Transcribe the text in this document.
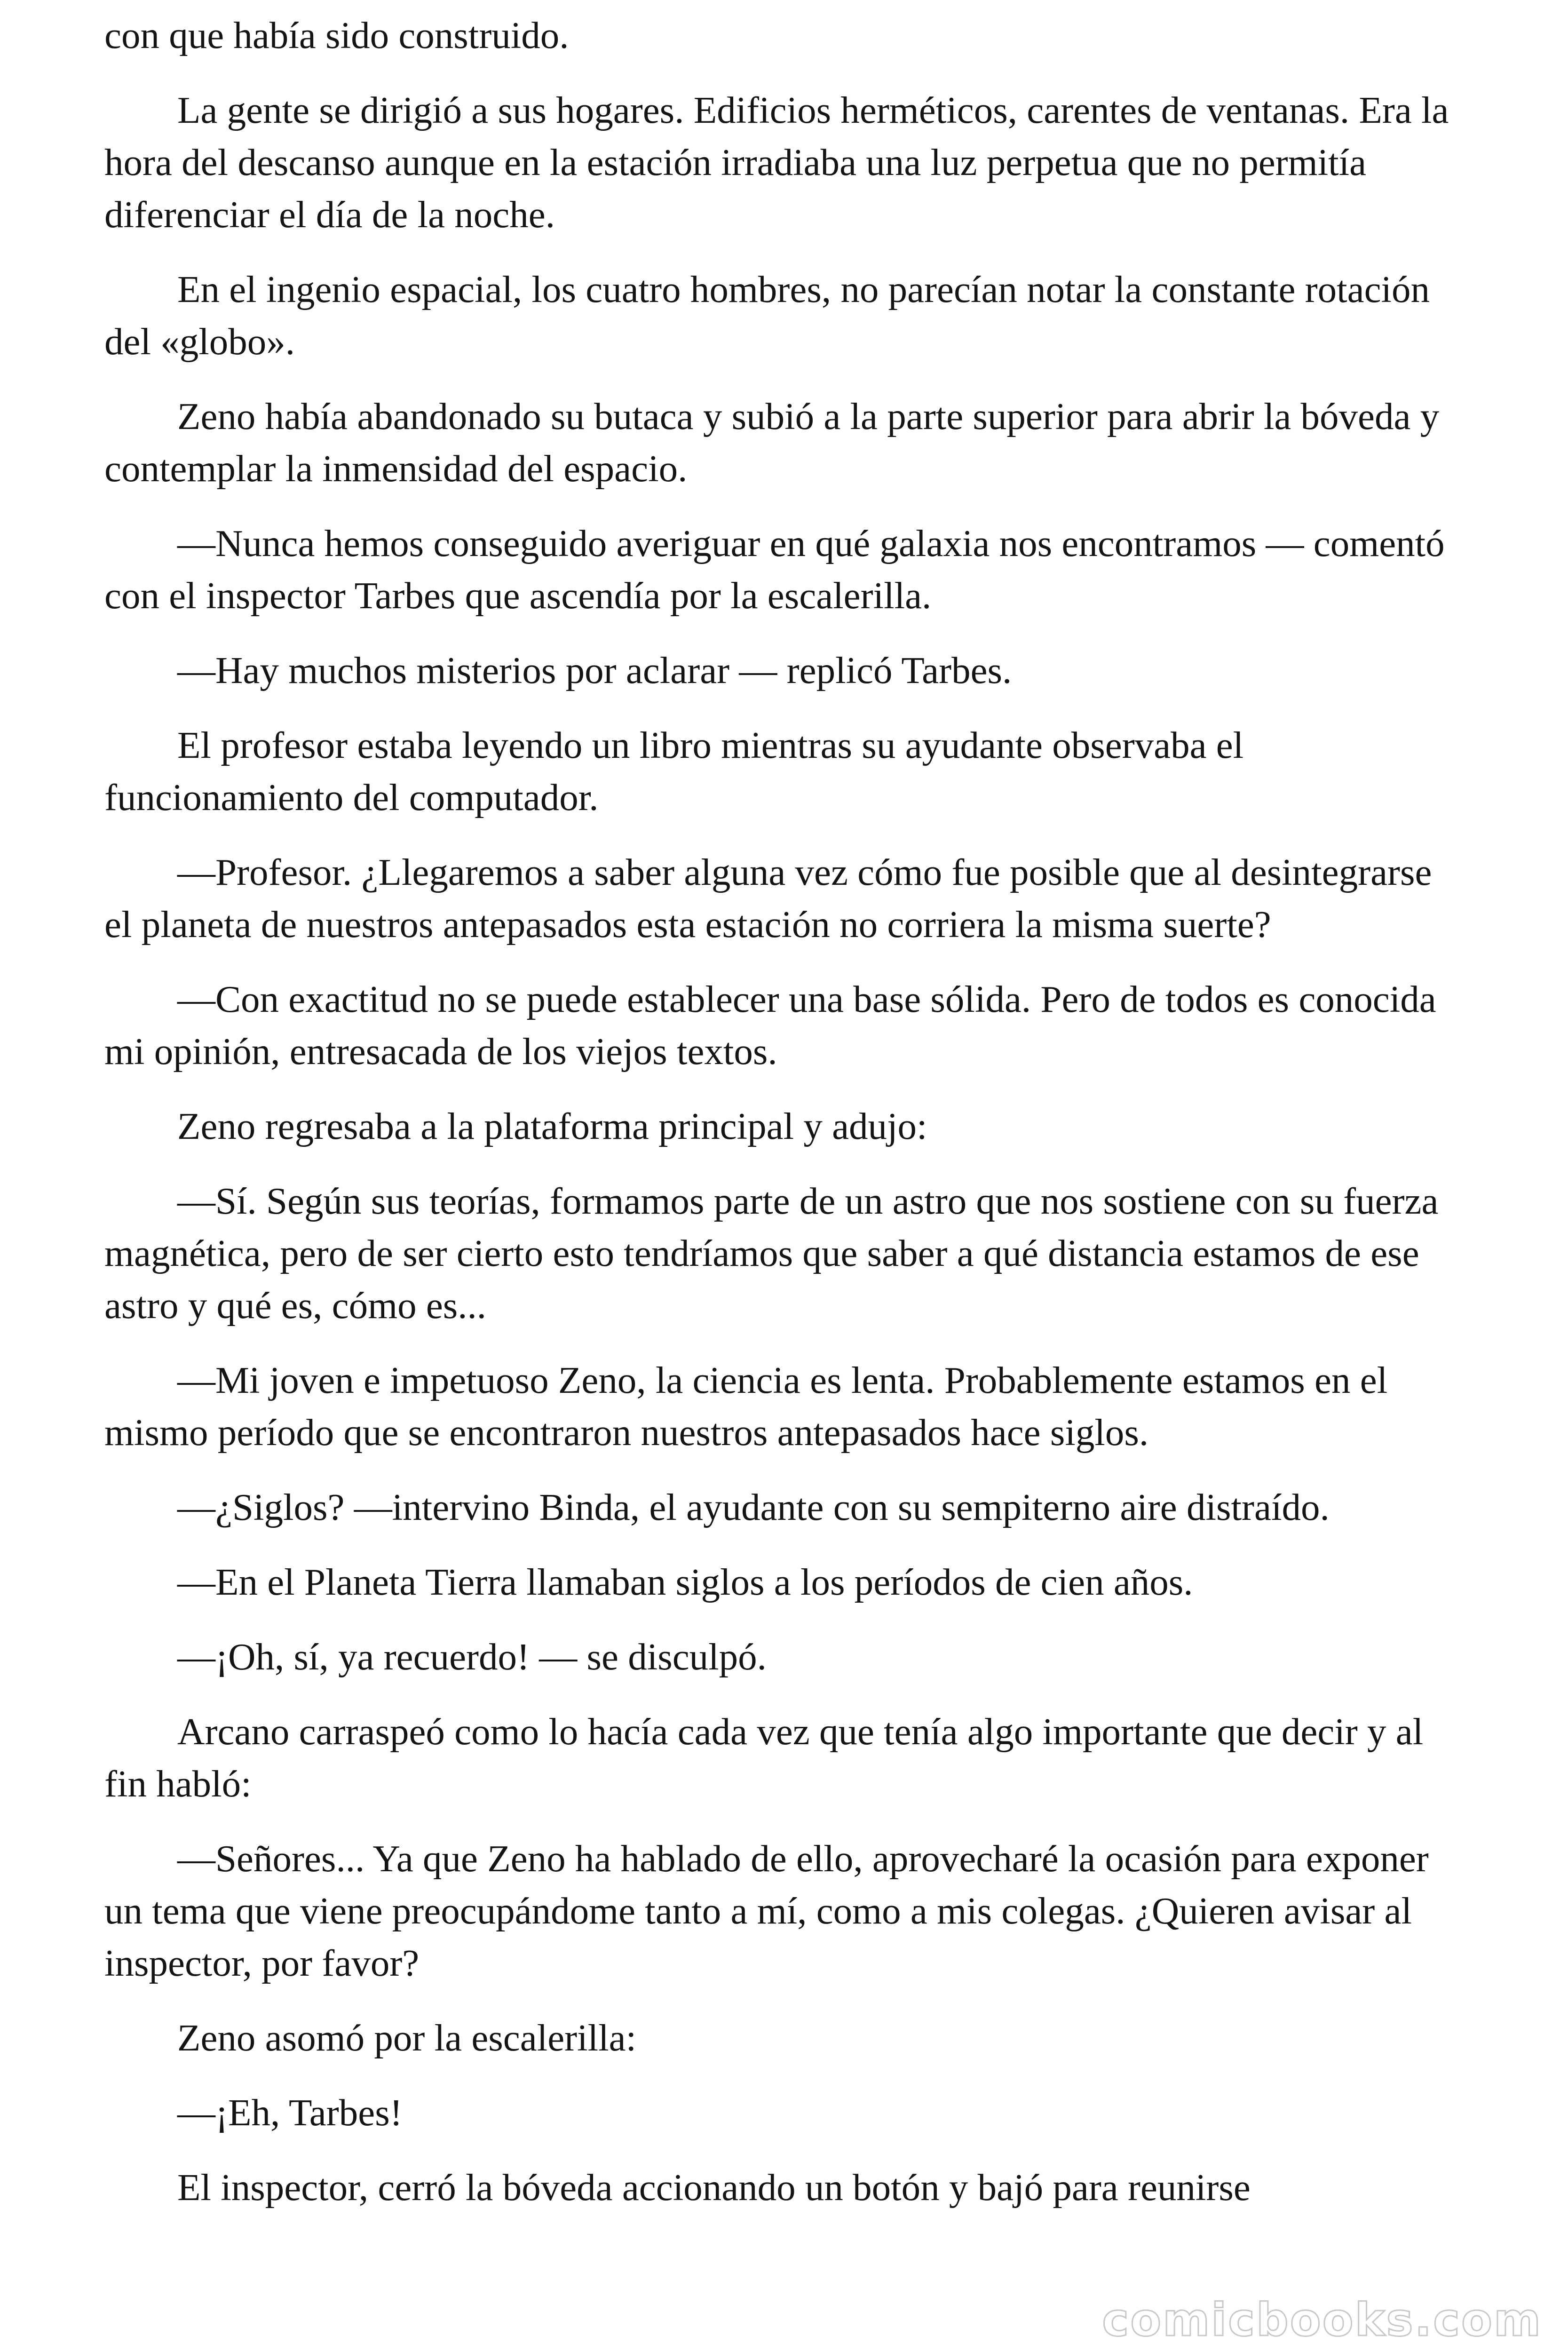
con que había sido construido.

La gente se dirigió a sus hogares. Edificios herméticos, carentes de ventanas. Era la hora del descanso aunque en la estación irradiaba una luz perpetua que no permitía diferenciar el día de la noche.

En el ingenio espacial, los cuatro hombres, no parecían notar la constante rotación del «globo».

Zeno había abandonado su butaca y subió a la parte superior para abrir la bóveda y contemplar la inmensidad del espacio.

—Nunca hemos conseguido averiguar en qué galaxia nos encontramos — comentó con el inspector Tarbes que ascendía por la escalerilla.

—Hay muchos misterios por aclarar — replicó Tarbes.

El profesor estaba leyendo un libro mientras su ayudante observaba el funcionamiento del computador.

—Profesor. ¿Llegaremos a saber alguna vez cómo fue posible que al desintegrarse el planeta de nuestros antepasados esta estación no corriera la misma suerte?

—Con exactitud no se puede establecer una base sólida. Pero de todos es conocida mi opinión, entresacada de los viejos textos.

Zeno regresaba a la plataforma principal y adujo:

—Sí. Según sus teorías, formamos parte de un astro que nos sostiene con su fuerza magnética, pero de ser cierto esto tendríamos que saber a qué distancia estamos de ese astro y qué es, cómo es...

—Mi joven e impetuoso Zeno, la ciencia es lenta. Probablemente estamos en el mismo período que se encontraron nuestros antepasados hace siglos.

—¿Siglos? —intervino Binda, el ayudante con su sempiterno aire distraído.

—En el Planeta Tierra llamaban siglos a los períodos de cien años.

—¡Oh, sí, ya recuerdo! — se disculpó.

Arcano carraspeó como lo hacía cada vez que tenía algo importante que decir y al fin habló:

—Señores... Ya que Zeno ha hablado de ello, aprovecharé la ocasión para exponer un tema que viene preocupándome tanto a mí, como a mis colegas. ¿Quieren avisar al inspector, por favor?

Zeno asomó por la escalerilla:

—¡Eh, Tarbes!

El inspector, cerró la bóveda accionando un botón y bajó para reunirse

comicbooks.com
